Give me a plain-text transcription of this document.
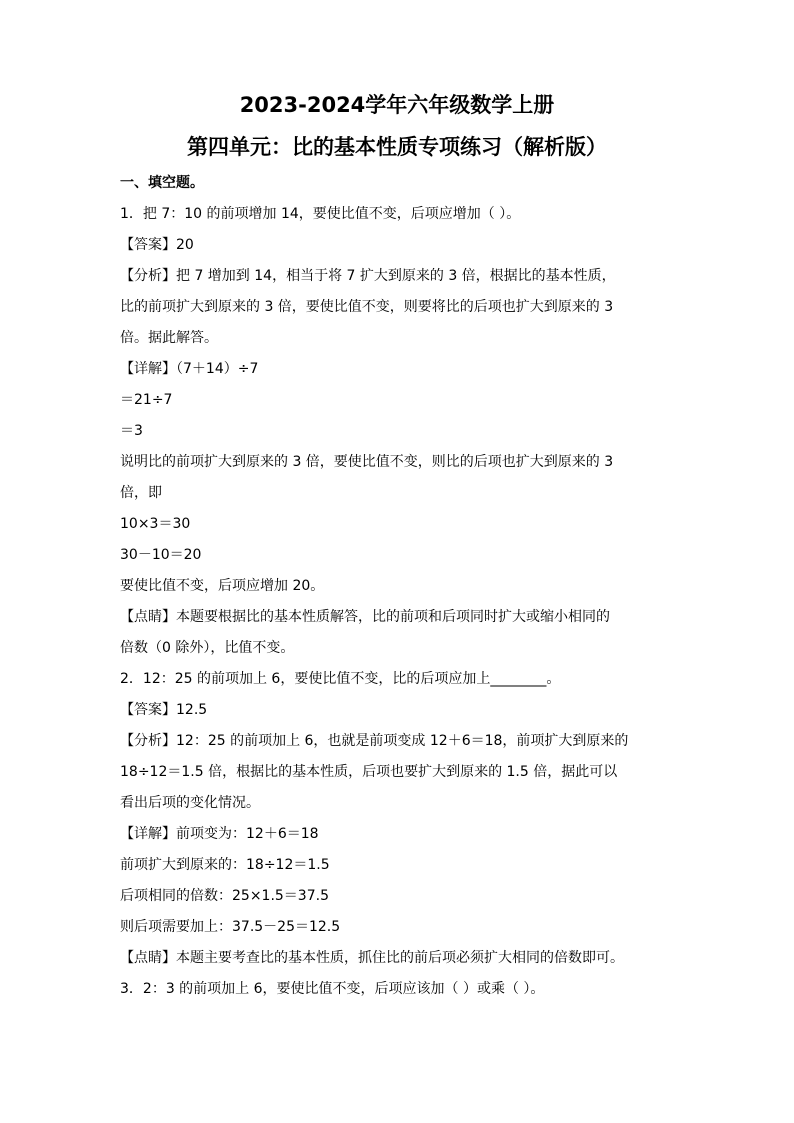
2023-2024学年六年级数学上册
第四单元：比的基本性质专项练习（解析版）
一、填空题。
1．把 7：10 的前项增加 14，要使比值不变，后项应增加（ ）。
【答案】20
【分析】把 7 增加到 14，相当于将 7 扩大到原来的 3 倍，根据比的基本性质，
比的前项扩大到原来的 3 倍，要使比值不变，则要将比的后项也扩大到原来的 3
倍。据此解答。
【详解】（7＋14）÷7
＝21÷7
＝3
说明比的前项扩大到原来的 3 倍，要使比值不变，则比的后项也扩大到原来的 3
倍，即
10×3＝30
30－10＝20
要使比值不变，后项应增加 20。
【点睛】本题要根据比的基本性质解答，比的前项和后项同时扩大或缩小相同的
倍数（0 除外），比值不变。
2．12：25 的前项加上 6，要使比值不变，比的后项应加上________。
【答案】12.5
【分析】12：25 的前项加上 6，也就是前项变成 12＋6＝18，前项扩大到原来的
18÷12＝1.5 倍，根据比的基本性质，后项也要扩大到原来的 1.5 倍，据此可以
看出后项的变化情况。
【详解】前项变为：12＋6＝18
前项扩大到原来的：18÷12＝1.5
后项相同的倍数：25×1.5＝37.5
则后项需要加上：37.5－25＝12.5
【点睛】本题主要考查比的基本性质，抓住比的前后项必须扩大相同的倍数即可。
3．2：3 的前项加上 6，要使比值不变，后项应该加（ ）或乘（ ）。
